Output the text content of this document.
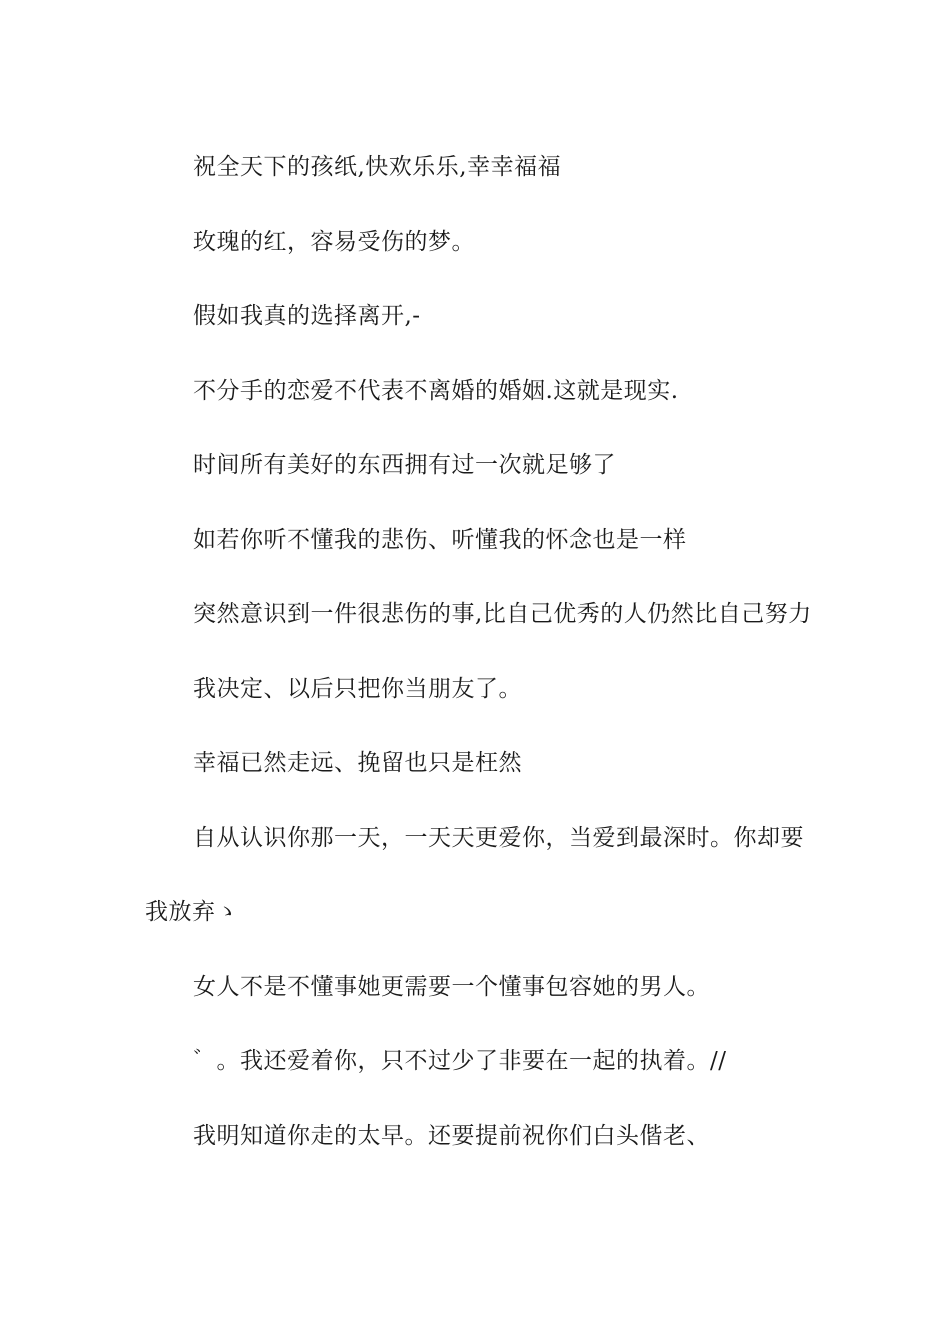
祝全天下的孩纸,快欢乐乐,幸幸福福

玫瑰的红，容易受伤的梦。

假如我真的选择离开,-

不分手的恋爱不代表不离婚的婚姻.这就是现实.

时间所有美好的东西拥有过一次就足够了

如若你听不懂我的悲伤、听懂我的怀念也是一样

突然意识到一件很悲伤的事,比自己优秀的人仍然比自己努力

我决定、以后只把你当朋友了。

幸福已然走远、挽留也只是枉然

自从认识你那一天，一天天更爱你，当爱到最深时。你却要我放弃ゝ

女人不是不懂事她更需要一个懂事包容她的男人。

゛。我还爱着你，只不过少了非要在一起的执着。//

我明知道你走的太早。还要提前祝你们白头偕老、
